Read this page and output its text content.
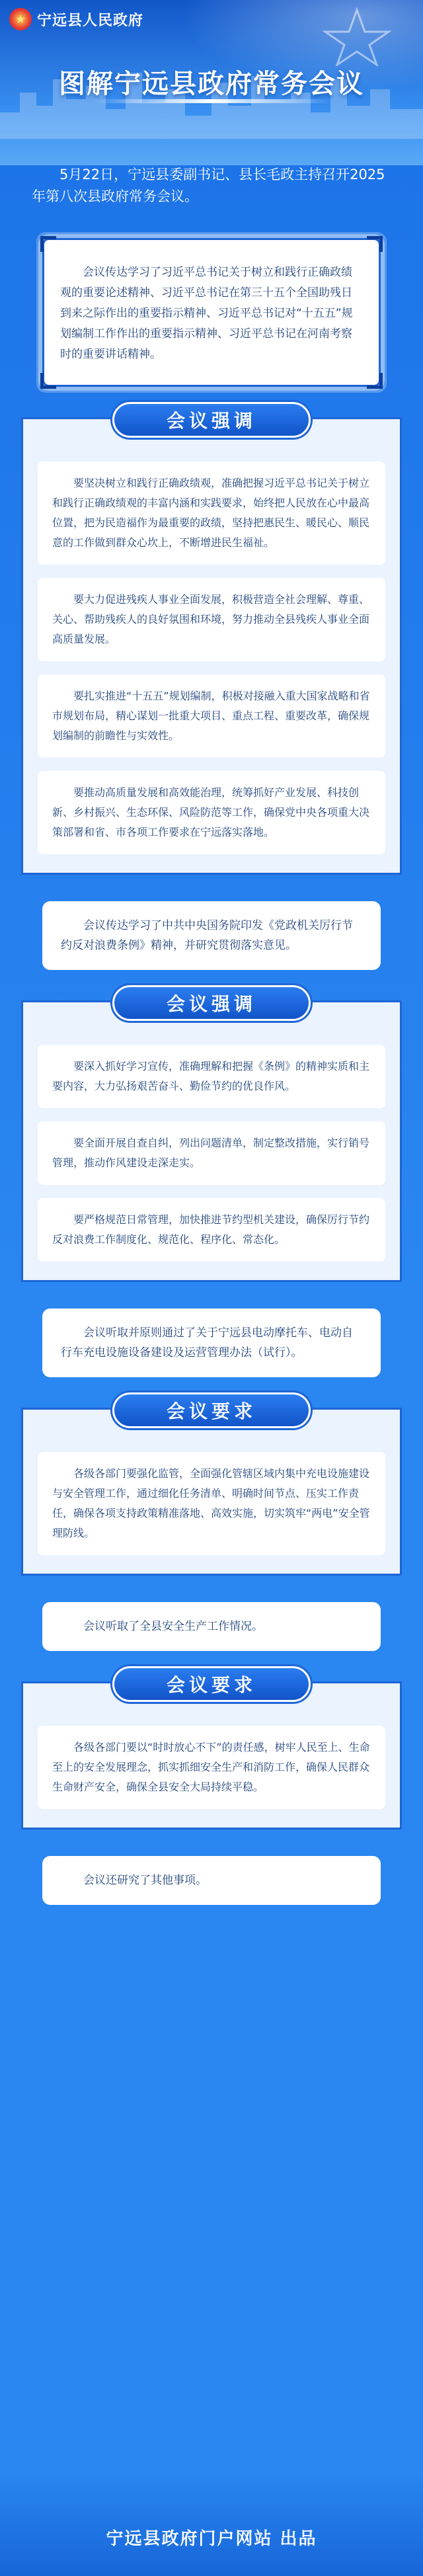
★ 宁远县人民政府
图解宁远县政府常务会议

5月22日，宁远县委副书记、县长毛政主持召开2025年第八次县政府常务会议。

会议传达学习了习近平总书记关于树立和践行正确政绩观的重要论述精神、习近平总书记在第三十五个全国助残日到来之际作出的重要指示精神、习近平总书记对“十五五”规划编制工作作出的重要指示精神、习近平总书记在河南考察时的重要讲话精神。
会议强调
要坚决树立和践行正确政绩观，准确把握习近平总书记关于树立和践行正确政绩观的丰富内涵和实践要求，始终把人民放在心中最高位置，把为民造福作为最重要的政绩，坚持把惠民生、暖民心、顺民意的工作做到群众心坎上，不断增进民生福祉。
要大力促进残疾人事业全面发展，积极营造全社会理解、尊重、关心、帮助残疾人的良好氛围和环境，努力推动全县残疾人事业全面高质量发展。
要扎实推进“十五五”规划编制，积极对接融入重大国家战略和省市规划布局，精心谋划一批重大项目、重点工程、重要改革，确保规划编制的前瞻性与实效性。
要推动高质量发展和高效能治理，统筹抓好产业发展、科技创新、乡村振兴、生态环保、风险防范等工作，确保党中央各项重大决策部署和省、市各项工作要求在宁远落实落地。
会议传达学习了中共中央国务院印发《党政机关厉行节约反对浪费条例》精神，并研究贯彻落实意见。
会议强调
要深入抓好学习宣传，准确理解和把握《条例》的精神实质和主要内容，大力弘扬艰苦奋斗、勤俭节约的优良作风。
要全面开展自查自纠，列出问题清单，制定整改措施，实行销号管理，推动作风建设走深走实。
要严格规范日常管理，加快推进节约型机关建设，确保厉行节约反对浪费工作制度化、规范化、程序化、常态化。
会议听取并原则通过了关于宁远县电动摩托车、电动自行车充电设施设备建设及运营管理办法（试行）。
会议要求
各级各部门要强化监管，全面强化管辖区域内集中充电设施建设与安全管理工作，通过细化任务清单、明确时间节点、压实工作责任，确保各项支持政策精准落地、高效实施，切实筑牢“两电”安全管理防线。
会议听取了全县安全生产工作情况。
会议要求
各级各部门要以“时时放心不下”的责任感，树牢人民至上、生命至上的安全发展理念，抓实抓细安全生产和消防工作，确保人民群众生命财产安全，确保全县安全大局持续平稳。
会议还研究了其他事项。
宁远县政府门户网站 出品
